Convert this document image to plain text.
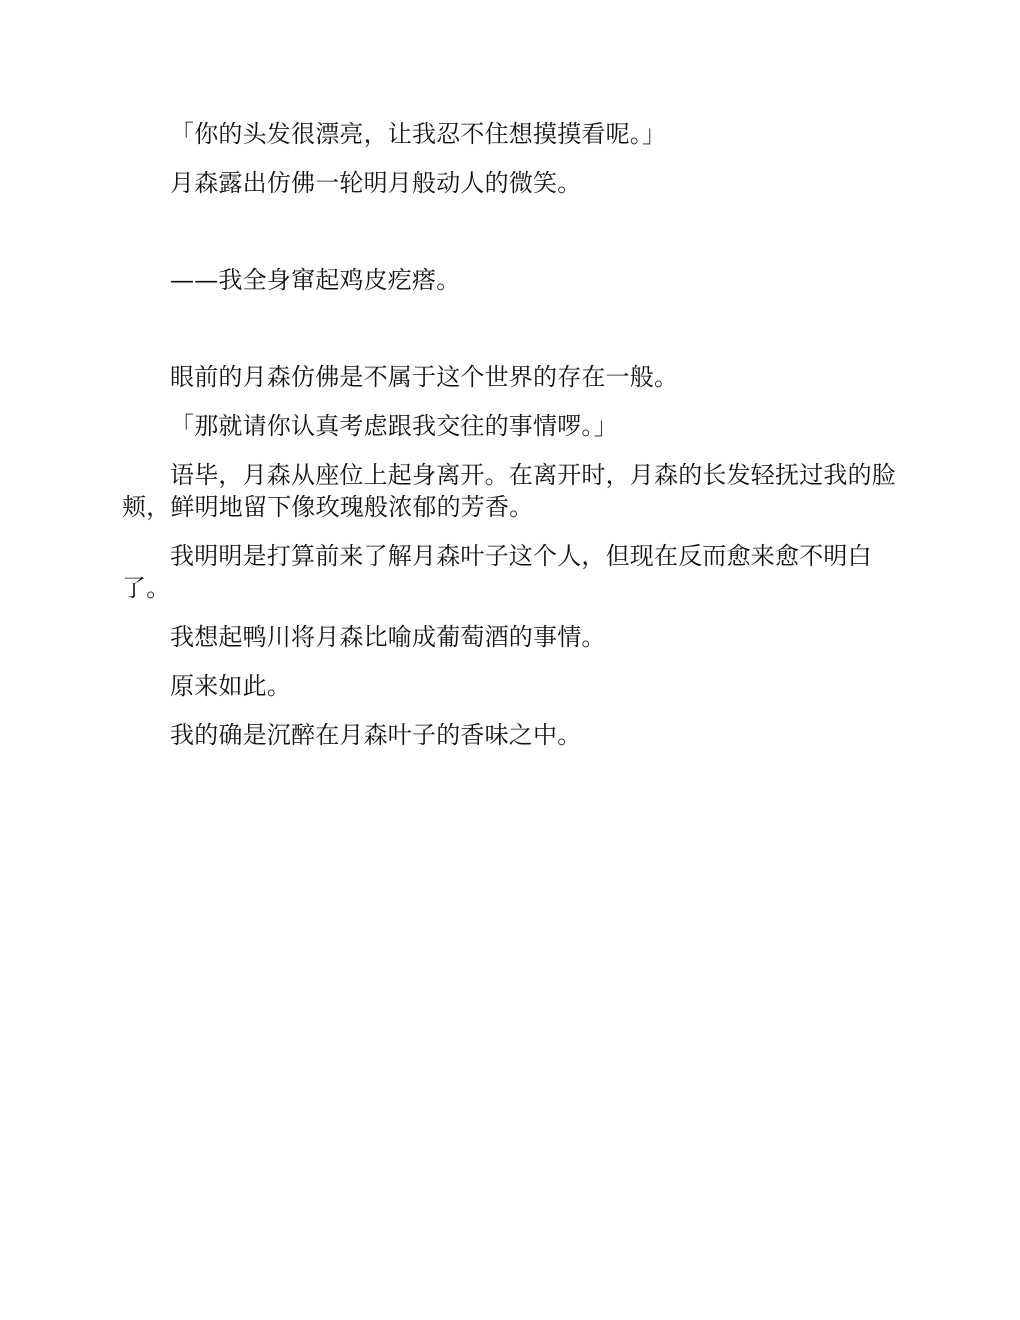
「你的头发很漂亮，让我忍不住想摸摸看呢。」

月森露出仿佛一轮明月般动人的微笑。

——我全身窜起鸡皮疙瘩。

眼前的月森仿佛是不属于这个世界的存在一般。

「那就请你认真考虑跟我交往的事情啰。」

语毕，月森从座位上起身离开。在离开时，月森的长发轻抚过我的脸颊，鲜明地留下像玫瑰般浓郁的芳香。

我明明是打算前来了解月森叶子这个人，但现在反而愈来愈不明白了。

我想起鸭川将月森比喻成葡萄酒的事情。

原来如此。

我的确是沉醉在月森叶子的香味之中。
